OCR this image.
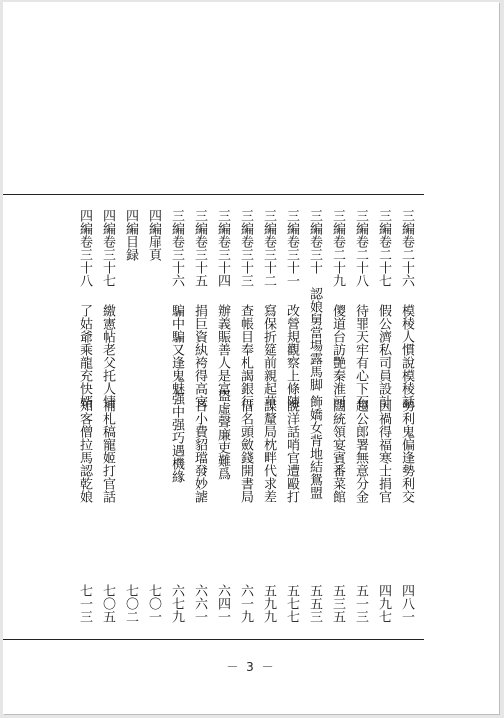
三編卷二十六
模稜人慣說模稜話
勢利鬼偏逢勢利交
四八一
三編卷二十七
假公濟私司員設計
因禍得福寒士捐官
四九七
三編卷二十八
待罪天牢有心下石
趨公郎署無意分金
五一三
三編卷二十九
儍道台訪艷秦淮河
闊統領宴賓番菜館
五三五
三編卷三十
認娘舅當場露馬脚
飾嬌女背地結鴛盟
五五三
三編卷三十一
改營規觀察上條陳
說洋話哨官遭毆打
五七七
三編卷三十二
寫保折筵前親起草
謀釐局枕畔代求差
五九九
三編卷三十三
查帳目奉札謁銀行
借名頭斂錢開書局
六一九
三編卷三十四
辦義賑善人是富
盜虛聲廉吏難爲
六四一
三編卷三十五
捐巨資紈袴得高官
吝小費貂璫發妙謔
六六一
三編卷三十六
騙中騙又逢鬼魅
强中强巧遇機緣
六七九
四編扉頁
七〇一
四編目録
七〇二
四編卷三十七
繳憲帖老父托人情
補札稿寵姬打官話
七〇五
四編卷三十八
了姑爺乘龍充快婿
知客僧拉馬認乾娘
七一三
－ 3 －
